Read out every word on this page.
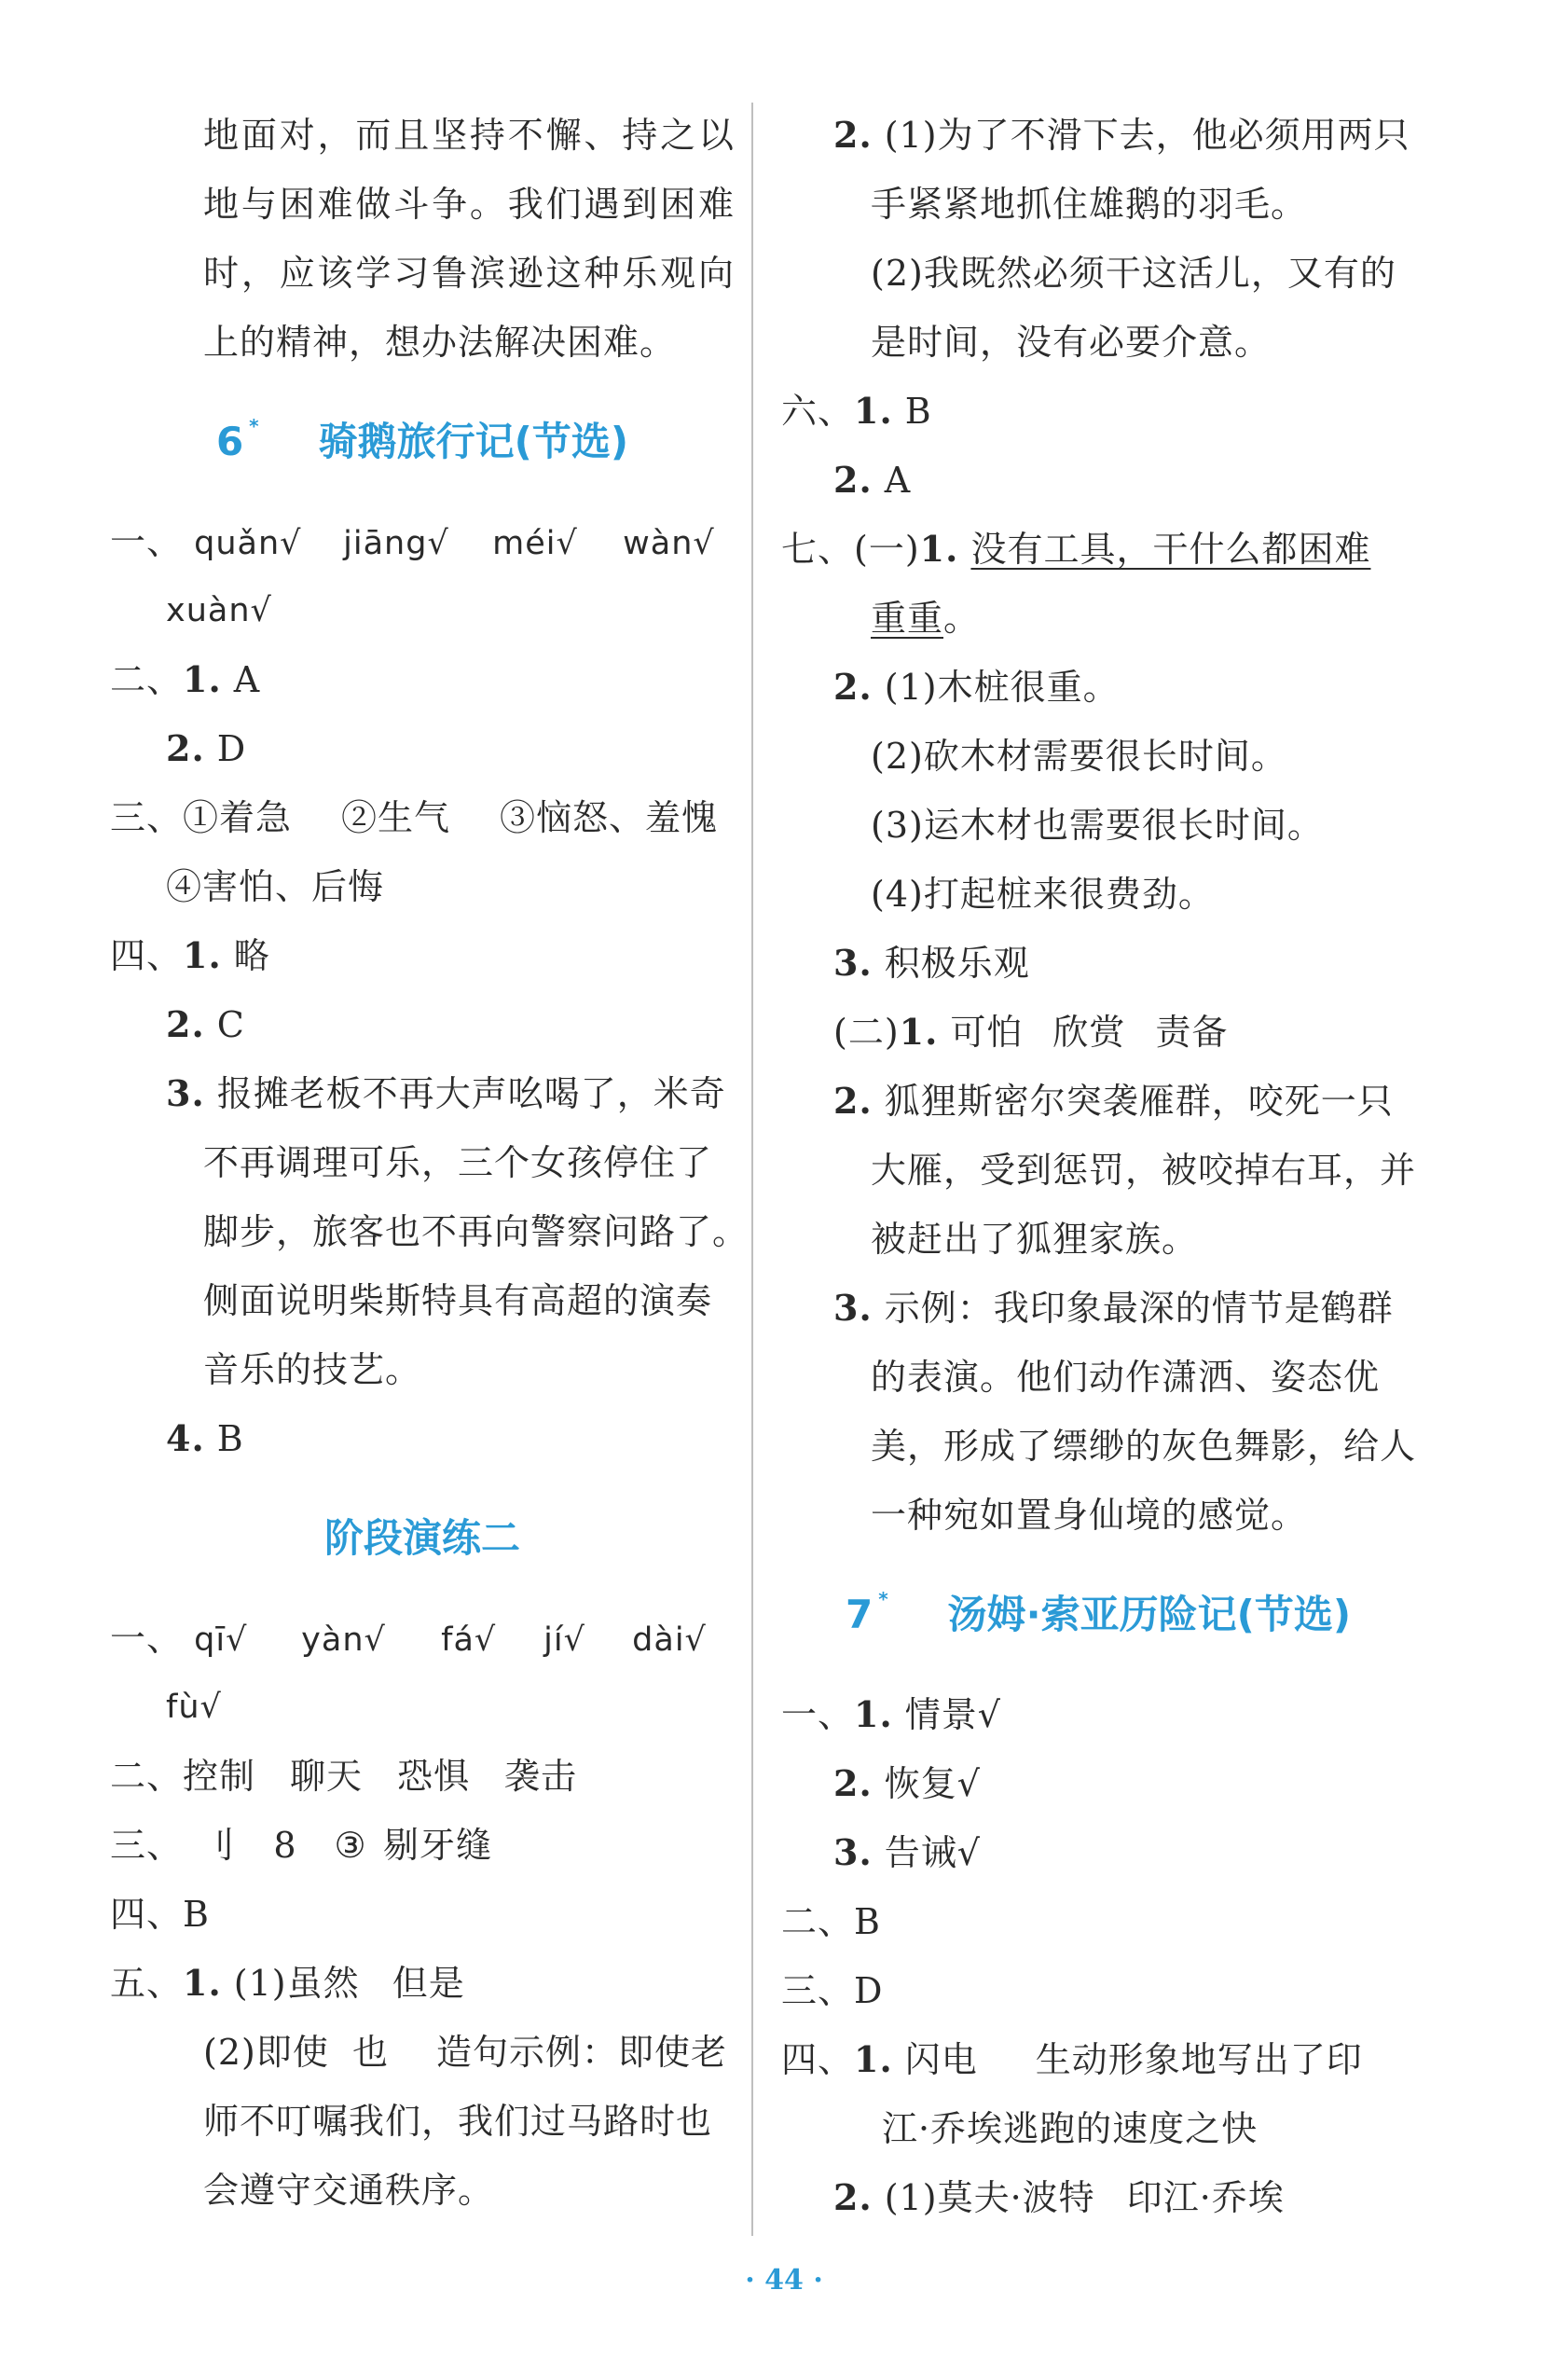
地面对，而且坚持不懈、持之以
地与困难做斗争。我们遇到困难
时，应该学习鲁滨逊这种乐观向
上的精神，想办法解决困难。
6 * 骑鹅旅行记(节选)
一、 quǎn√ jiāng√ méi√ wàn√
xuàn√
二、1. A
2. D
三、①着急 ②生气 ③恼怒、羞愧
④害怕、后悔
四、1. 略
2. C
3. 报摊老板不再大声吆喝了，米奇
不再调理可乐，三个女孩停住了
脚步，旅客也不再向警察问路了。
侧面说明柴斯特具有高超的演奏
音乐的技艺。
4. B
阶段演练二
一、 qī√ yàn√ fá√ jí√ dài√
fù√
二、控制 聊天 恐惧 袭击
三、 刂 8 ③ 剔牙缝
四、B
五、1. (1)虽然 但是
(2)即使 也 造句示例：即使老
师不叮嘱我们，我们过马路时也
会遵守交通秩序。
2. (1)为了不滑下去，他必须用两只
手紧紧地抓住雄鹅的羽毛。
(2)我既然必须干这活儿，又有的
是时间，没有必要介意。
六、1. B
2. A
七、(一)1. 没有工具，干什么都困难
重重。
2. (1)木桩很重。
(2)砍木材需要很长时间。
(3)运木材也需要很长时间。
(4)打起桩来很费劲。
3. 积极乐观
(二)1. 可怕 欣赏 责备
2. 狐狸斯密尔突袭雁群，咬死一只
大雁，受到惩罚，被咬掉右耳，并
被赶出了狐狸家族。
3. 示例：我印象最深的情节是鹤群
的表演。他们动作潇洒、姿态优
美，形成了缥缈的灰色舞影，给人
一种宛如置身仙境的感觉。
7 * 汤姆·索亚历险记(节选)
一、1. 情景√
2. 恢复√
3. 告诫√
二、B
三、D
四、1. 闪电 生动形象地写出了印
江·乔埃逃跑的速度之快
2. (1)莫夫·波特 印江·乔埃
· 44 ·
